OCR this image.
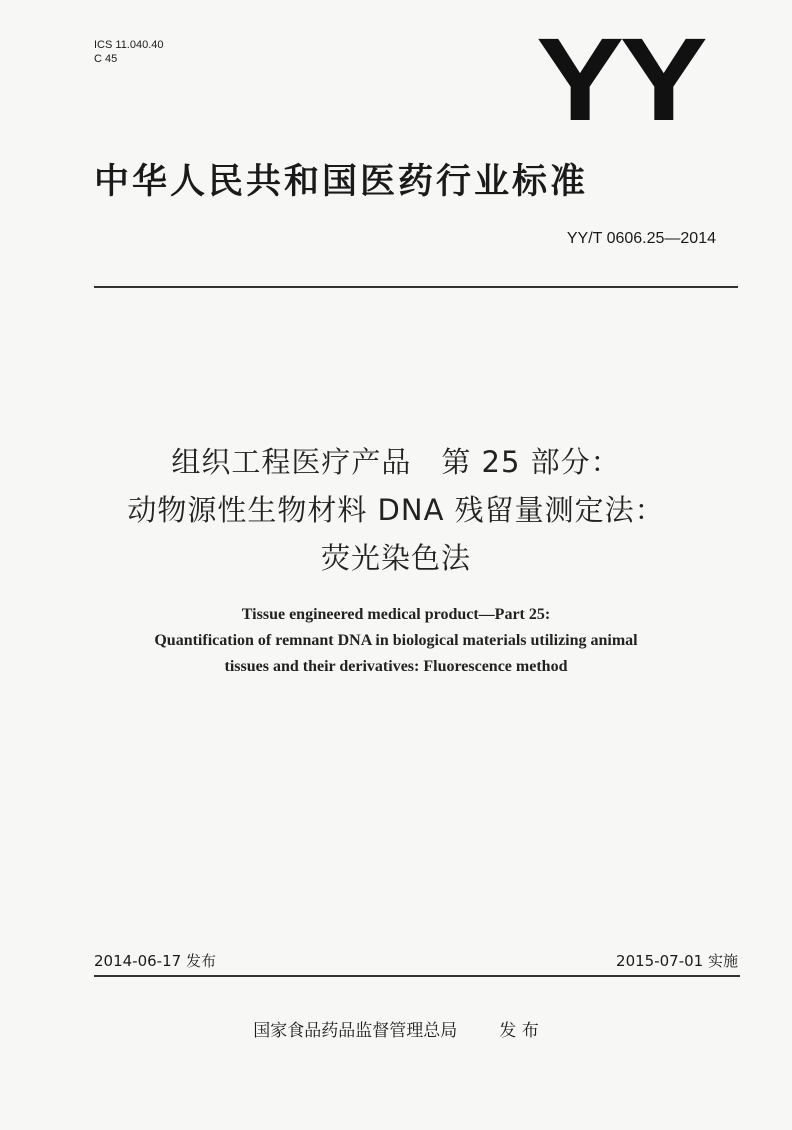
ICS 11.040.40
C 45	YY
中华人民共和国医药行业标准
YY/T 0606.25—2014
组织工程医疗产品　第 25 部分：
动物源性生物材料 DNA 残留量测定法：
荧光染色法
Tissue engineered medical product—Part 25:
Quantification of remnant DNA in biological materials utilizing animal
tissues and their derivatives: Fluorescence method
2014-06-17 发布	2015-07-01 实施
国家食品药品监督管理总局 发 布
